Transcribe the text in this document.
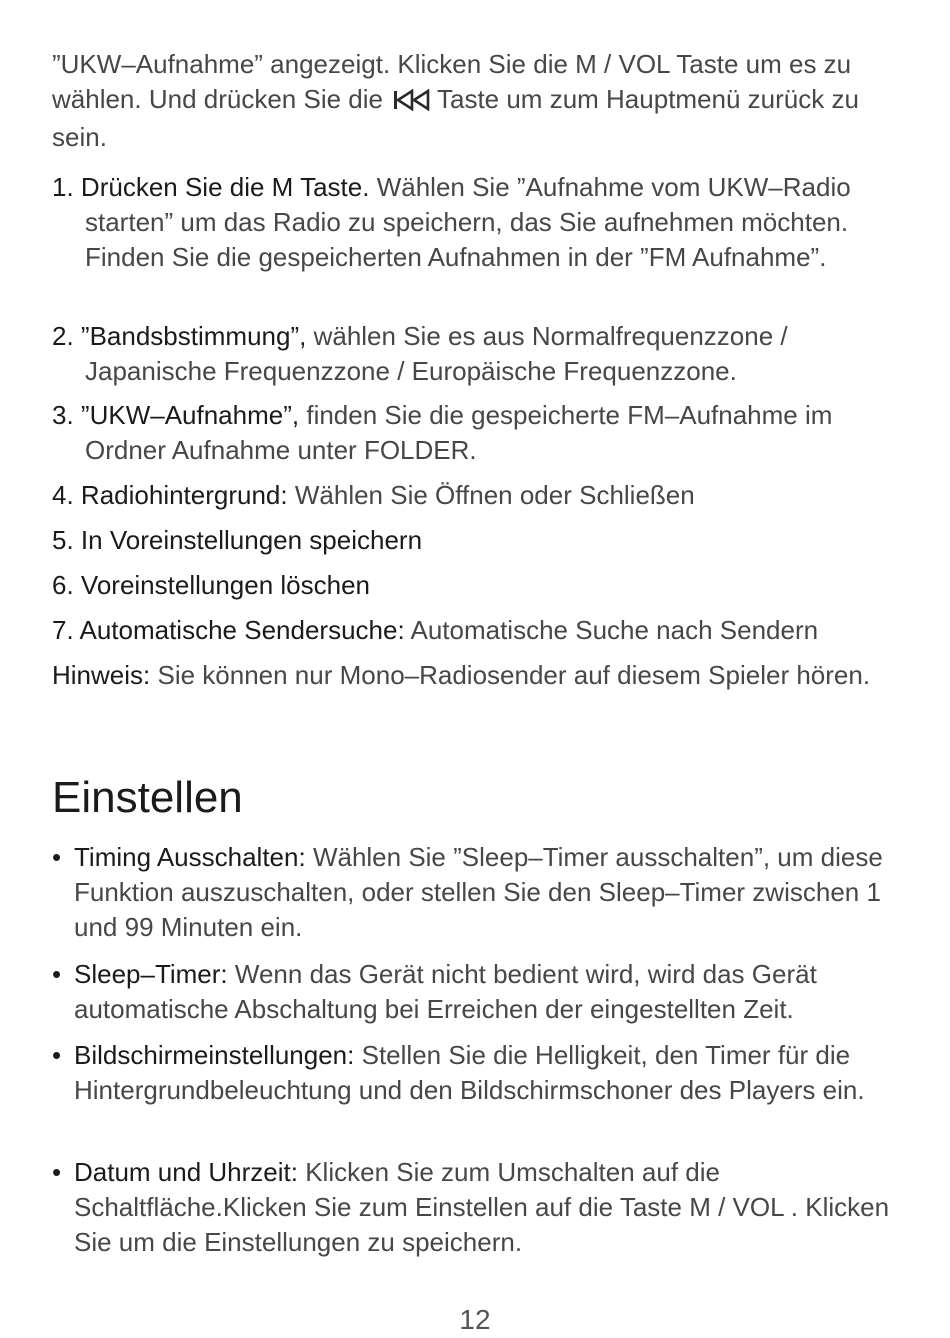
”UKW–Aufnahme” angezeigt. Klicken Sie die M / VOL Taste um es zu wählen. Und drücken Sie die Taste um zum Hauptmenü zurück zu sein.
1. Drücken Sie die M Taste. Wählen Sie ”Aufnahme vom UKW–Radio starten” um das Radio zu speichern, das Sie aufnehmen möchten. Finden Sie die gespeicherten Aufnahmen in der ”FM Aufnahme”.
2. ”Bandsbstimmung”, wählen Sie es aus Normalfrequenzzone / Japanische Frequenzzone / Europäische Frequenzzone.
3. ”UKW–Aufnahme”, finden Sie die gespeicherte FM–Aufnahme im Ordner Aufnahme unter FOLDER.
4. Radiohintergrund: Wählen Sie Öffnen oder Schließen
5. In Voreinstellungen speichern
6. Voreinstellungen löschen
7. Automatische Sendersuche: Automatische Suche nach Sendern
Hinweis: Sie können nur Mono–Radiosender auf diesem Spieler hören.
Einstellen
• Timing Ausschalten: Wählen Sie ”Sleep–Timer ausschalten”, um diese Funktion auszuschalten, oder stellen Sie den Sleep–Timer zwischen 1 und 99 Minuten ein.
• Sleep–Timer: Wenn das Gerät nicht bedient wird, wird das Gerät automatische Abschaltung bei Erreichen der eingestellten Zeit.
• Bildschirmeinstellungen: Stellen Sie die Helligkeit, den Timer für die Hintergrundbeleuchtung und den Bildschirmschoner des Players ein.
• Datum und Uhrzeit: Klicken Sie zum Umschalten auf die Schaltfläche.Klicken Sie zum Einstellen auf die Taste M / VOL . Klicken Sie um die Einstellungen zu speichern.
12
